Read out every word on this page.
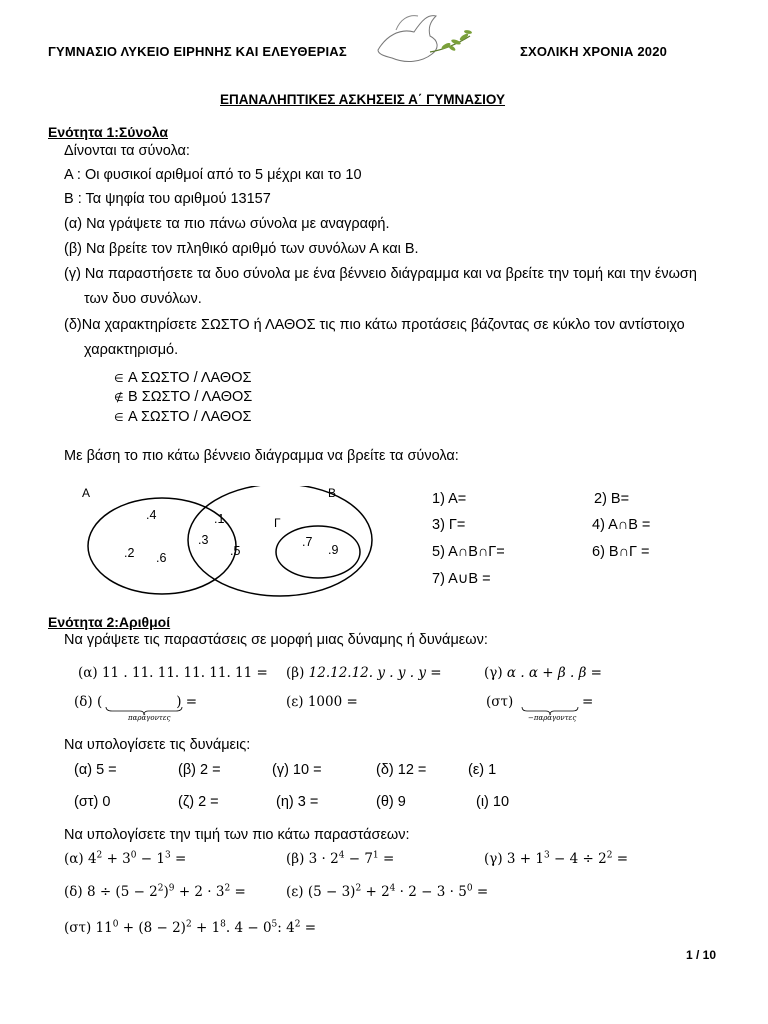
ΓΥΜΝΑΣΙΟ ΛΥΚΕΙΟ ΕΙΡΗΝΗΣ ΚΑΙ ΕΛΕΥΘΕΡΙΑΣ	ΣΧΟΛΙΚΗ ΧΡΟΝΙΑ 2020
ΕΠΑΝΑΛΗΠΤΙΚΕΣ ΑΣΚΗΣΕΙΣ Α΄ ΓΥΜΝΑΣΙΟΥ
Ενότητα 1:Σύνολα
Δίνονται τα σύνολα:
Α : Οι φυσικοί αριθμοί από το 5 μέχρι και το 10
Β : Τα ψηφία του αριθμού 13157
(α) Να γράψετε τα πιο πάνω σύνολα με αναγραφή.
(β) Να βρείτε τον πληθικό αριθμό των συνόλων Α και Β.
(γ) Να παραστήσετε τα δυο σύνολα με ένα βέννειο διάγραμμα και να βρείτε την τομή και την ένωση
των δυο συνόλων.
(δ)Να χαρακτηρίσετε ΣΩΣΤΟ ή ΛΑΘΟΣ τις πιο κάτω προτάσεις βάζοντας σε κύκλο τον αντίστοιχο
χαρακτηρισμό.
∈ Α ΣΩΣΤΟ / ΛΑΘΟΣ
∉ Β ΣΩΣΤΟ / ΛΑΘΟΣ
∈ Α ΣΩΣΤΟ / ΛΑΘΟΣ
Με βάση το πιο κάτω βέννειο διάγραμμα να βρείτε τα σύνολα:
Α	Β
Γ
.4	.1
.3
.5
.2 .6
.7
.9
1) Α=	2) Β=
3) Γ=	4) Α∩Β =
5) Α∩Β∩Γ=	6) Β∩Γ =
7) Α∪Β =
Ενότητα 2:Αριθμοί
Να γράψετε τις παραστάσεις σε μορφή μιας δύναμης ή δυνάμεων:
(α) 11 . 11. 11. 11. 11. 11 = (β) 12.12.12. y . y . y =	(γ) α . α + β . β =
(δ) (	) =
παράγοντες
(ε) 1000 =	(στ)	=
−παράγοντες
Να υπολογίσετε τις δυνάμεις:
(α) 5 =	(β) 2 =	(γ) 10 =	(δ) 12 =	(ε) 1
(στ) 0	(ζ) 2 =	(η) 3 =	(θ) 9	(ι) 10
Να υπολογίσετε την τιμή των πιο κάτω παραστάσεων:
(α) $4^2 + 3^0 - 1^3$ =	(β) $3 \cdot 2^4 - 7^1$ =	(γ) $3 + 1^3 - 4 \div 2^2$ =
(δ) $8 \div (5 - 2^2)^9 + 2 \cdot 3^2$ =	(ε) $(5 - 3)^2 + 2^4 \cdot 2 - 3 \cdot 5^0$ =
(στ) $11^0 + (8 - 2)^2 + 1^8$. $4 - 0^5$: $4^2$ =
1 / 10
